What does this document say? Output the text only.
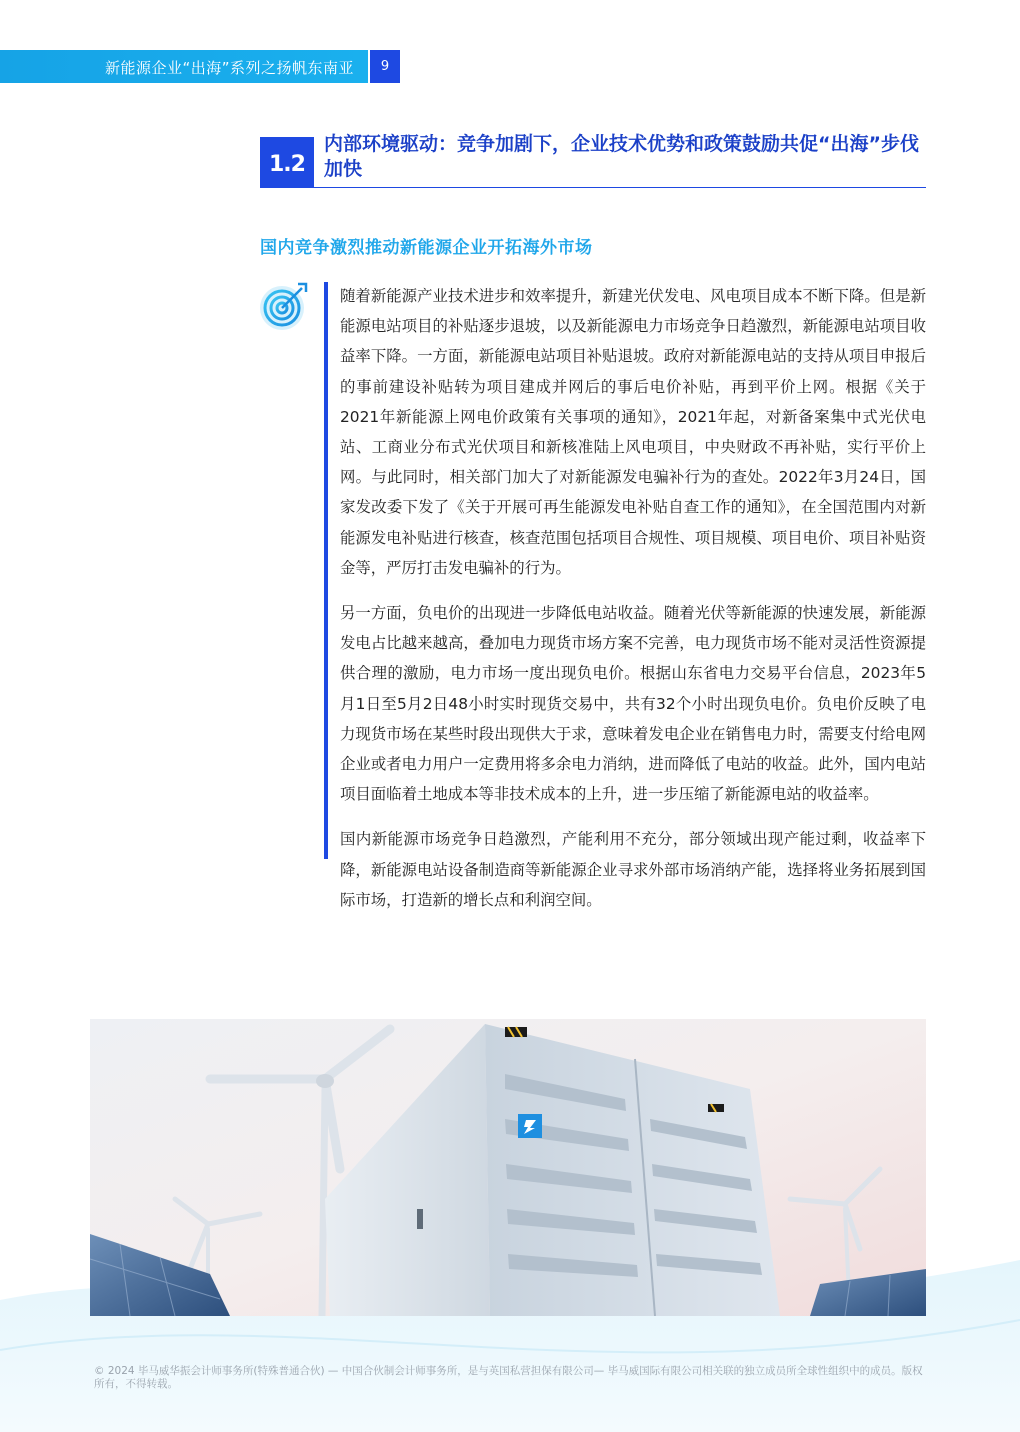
新能源企业“出海”系列之扬帆东南亚	9
1.2
内部环境驱动：竞争加剧下，企业技术优势和政策鼓励共促“出海”步伐加快
国内竞争激烈推动新能源企业开拓海外市场

随着新能源产业技术进步和效率提升，新建光伏发电、风电项目成本不断下降。但是新能源电站项目的补贴逐步退坡，以及新能源电力市场竞争日趋激烈，新能源电站项目收益率下降。一方面，新能源电站项目补贴退坡。政府对新能源电站的支持从项目申报后的事前建设补贴转为项目建成并网后的事后电价补贴，再到平价上网。根据《关于2021年新能源上网电价政策有关事项的通知》，2021年起，对新备案集中式光伏电站、工商业分布式光伏项目和新核准陆上风电项目，中央财政不再补贴，实行平价上网。与此同时，相关部门加大了对新能源发电骗补行为的查处。2022年3月24日，国家发改委下发了《关于开展可再生能源发电补贴自查工作的通知》，在全国范围内对新能源发电补贴进行核查，核查范围包括项目合规性、项目规模、项目电价、项目补贴资金等，严厉打击发电骗补的行为。

另一方面，负电价的出现进一步降低电站收益。随着光伏等新能源的快速发展，新能源发电占比越来越高，叠加电力现货市场方案不完善，电力现货市场不能对灵活性资源提供合理的激励，电力市场一度出现负电价。根据山东省电力交易平台信息，2023年5月1日至5月2日48小时实时现货交易中，共有32个小时出现负电价。负电价反映了电力现货市场在某些时段出现供大于求，意味着发电企业在销售电力时，需要支付给电网企业或者电力用户一定费用将多余电力消纳，进而降低了电站的收益。此外，国内电站项目面临着土地成本等非技术成本的上升，进一步压缩了新能源电站的收益率。

国内新能源市场竞争日趋激烈，产能利用不充分，部分领域出现产能过剩，收益率下降，新能源电站设备制造商等新能源企业寻求外部市场消纳产能，选择将业务拓展到国际市场，打造新的增长点和利润空间。

© 2024 毕马威华振会计师事务所(特殊普通合伙) — 中国合伙制会计师事务所，是与英国私营担保有限公司— 毕马威国际有限公司相关联的独立成员所全球性组织中的成员。版权所有，不得转载。
